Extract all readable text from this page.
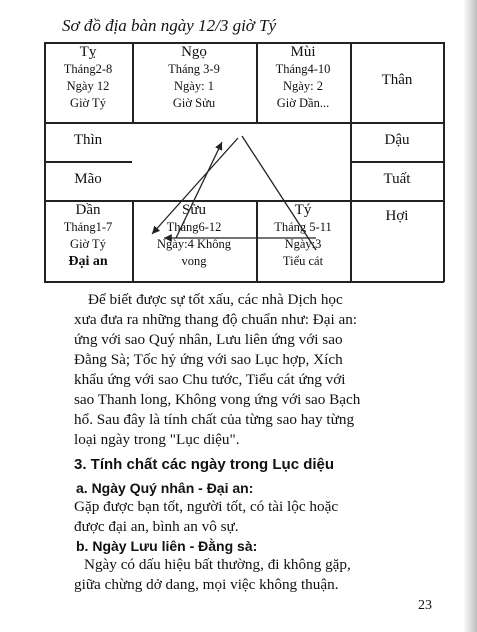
Sơ đồ địa bàn ngày 12/3 giờ Tý
Tỵ
Tháng2-8
Ngày 12
Giờ Tý
Ngọ
Tháng 3-9
Ngày: 1
Giờ Sửu
Mùi
Tháng4-10
Ngày: 2
Giờ Dần...
Thân
Thìn	Dậu
Mão	Tuất
Dần
Tháng1-7
Giờ Tý
Đại an
Sửu
Tháng6-12
Ngày:4 Không
vong
Tý
Tháng 5-11
Ngày:3
Tiểu cát
Hợi
Để biết được sự tốt xấu, các nhà Dịch học
xưa đưa ra những thang độ chuẩn như: Đại an:
ứng với sao Quý nhân, Lưu liên ứng với sao
Đằng Sà; Tốc hỷ ứng với sao Lục hợp, Xích
khẩu ứng với sao Chu tước, Tiểu cát ứng với
sao Thanh long, Không vong ứng với sao Bạch
hổ. Sau đây là tính chất của từng sao hay từng
loại ngày trong "Lục diệu".
3. Tính chất các ngày trong Lục diệu
a. Ngày Quý nhân - Đại an:
Gặp được bạn tốt, người tốt, có tài lộc hoặc
được đại an, bình an vô sự.
b. Ngày Lưu liên - Đằng sà:
Ngày có dấu hiệu bất thường, đi không gặp,
giữa chừng dở dang, mọi việc không thuận.
23
